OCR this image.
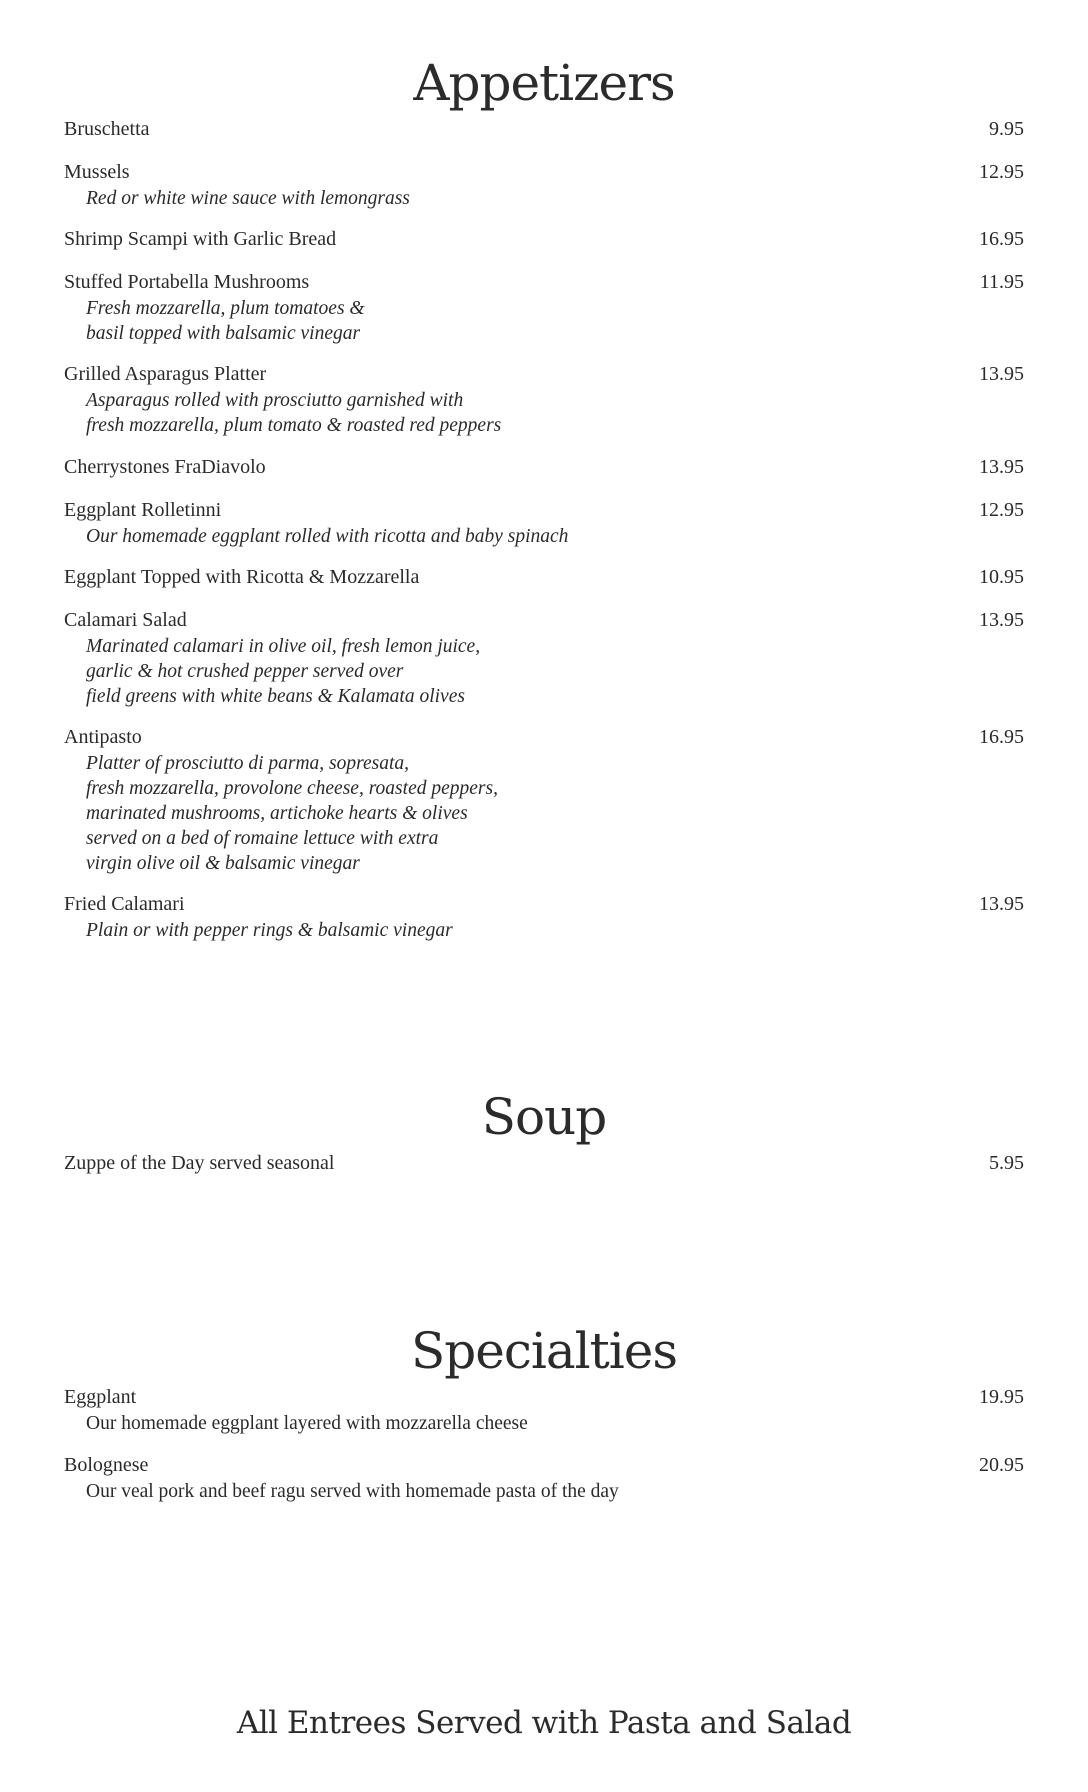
Appetizers
Bruschetta	9.95
Mussels	12.95
Red or white wine sauce with lemongrass
Shrimp Scampi with Garlic Bread	16.95
Stuffed Portabella Mushrooms	11.95
Fresh mozzarella, plum tomatoes &
basil topped with balsamic vinegar
Grilled Asparagus Platter	13.95
Asparagus rolled with prosciutto garnished with
fresh mozzarella, plum tomato & roasted red peppers
Cherrystones FraDiavolo	13.95
Eggplant Rolletinni	12.95
Our homemade eggplant rolled with ricotta and baby spinach
Eggplant Topped with Ricotta & Mozzarella	10.95
Calamari Salad	13.95
Marinated calamari in olive oil, fresh lemon juice,
garlic & hot crushed pepper served over
field greens with white beans & Kalamata olives
Antipasto	16.95
Platter of prosciutto di parma, sopresata,
fresh mozzarella, provolone cheese, roasted peppers,
marinated mushrooms, artichoke hearts & olives
served on a bed of romaine lettuce with extra
virgin olive oil & balsamic vinegar
Fried Calamari	13.95
Plain or with pepper rings & balsamic vinegar
Soup
Zuppe of the Day served seasonal	5.95
Specialties
Eggplant	19.95
Our homemade eggplant layered with mozzarella cheese
Bolognese	20.95
Our veal pork and beef ragu served with homemade pasta of the day
All Entrees Served with Pasta and Salad
